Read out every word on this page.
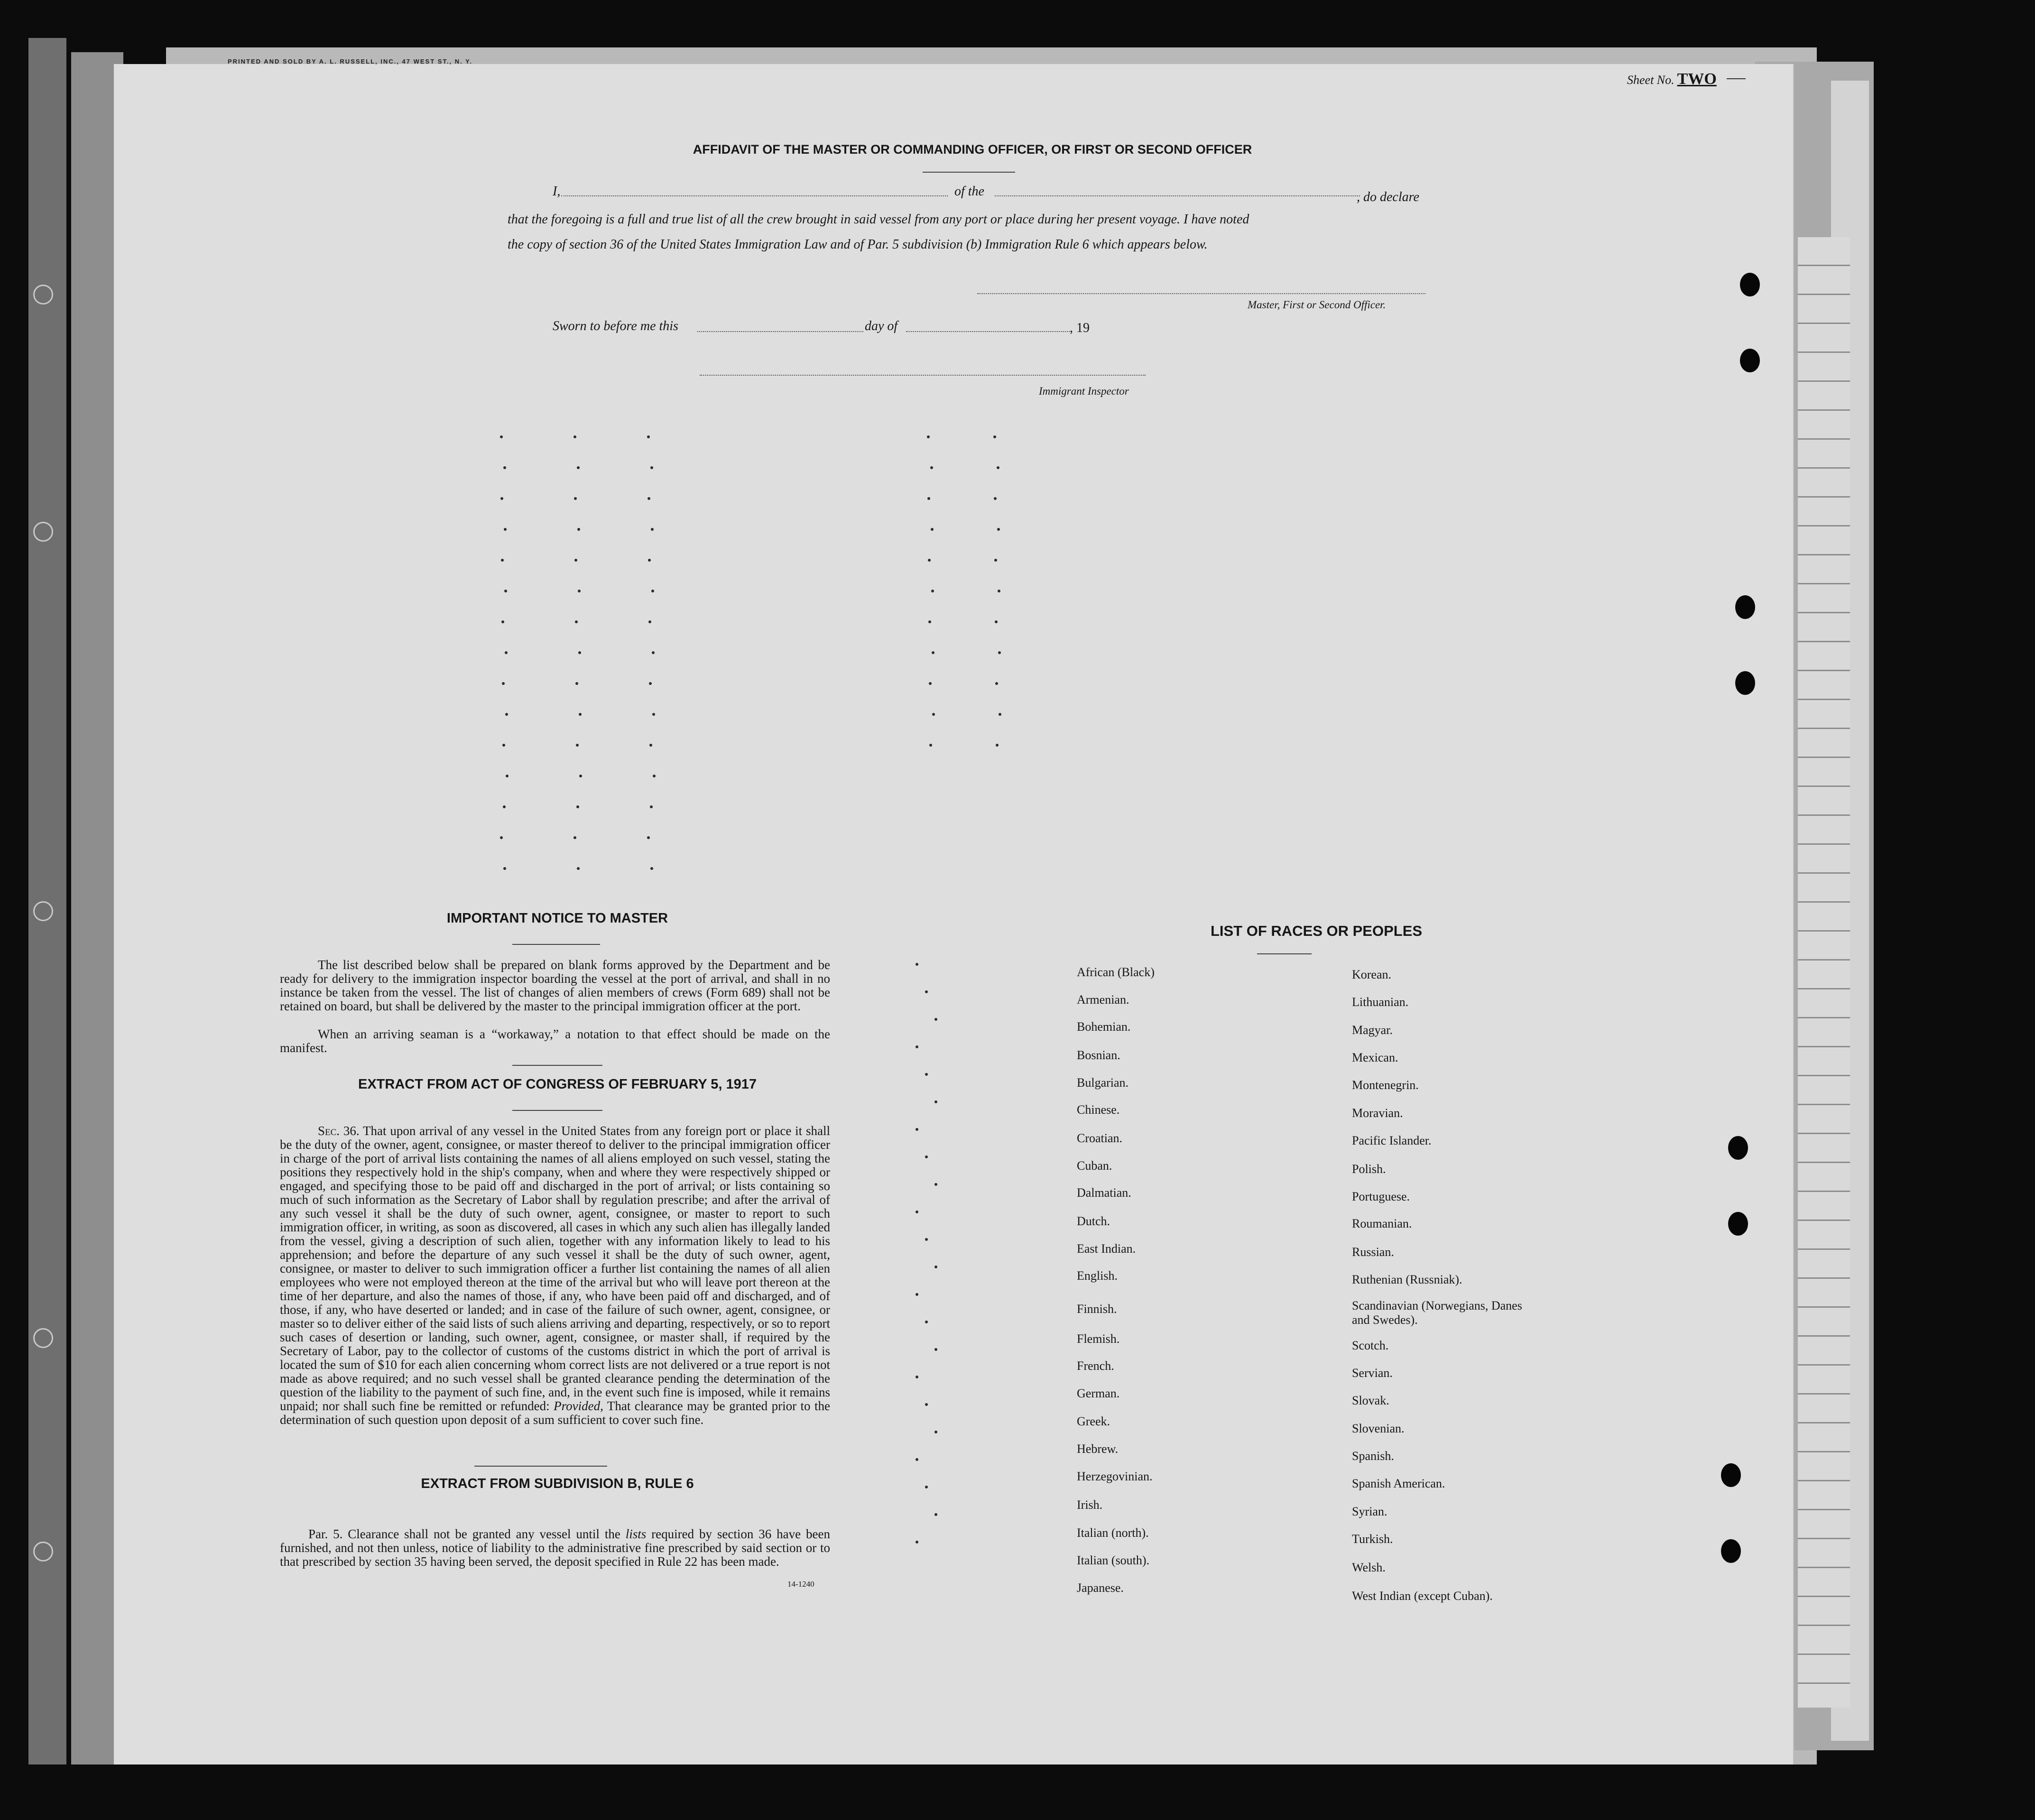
PRINTED AND SOLD BY A. L. RUSSELL, INC., 47 WEST ST., N. Y.
Sheet No. TWO
AFFIDAVIT OF THE MASTER OR COMMANDING OFFICER, OR FIRST OR SECOND OFFICER
I,	of the	, do declare
that the foregoing is a full and true list of all the crew brought in said vessel from any port or place during her present voyage. I have noted
the copy of section 36 of the United States Immigration Law and of Par. 5 subdivision (b) Immigration Rule 6 which appears below.
Master, First or Second Officer.
Sworn to before me this	day of	, 19
Immigrant Inspector
IMPORTANT NOTICE TO MASTER
The list described below shall be prepared on blank forms approved by the Department and be ready for delivery to the immigration inspector boarding the vessel at the port of arrival, and shall in no instance be taken from the vessel. The list of changes of alien members of crews (Form 689) shall not be retained on board, but shall be delivered by the master to the principal immigration officer at the port.
When an arriving seaman is a “workaway,” a notation to that effect should be made on the manifest.
EXTRACT FROM ACT OF CONGRESS OF FEBRUARY 5, 1917
Sec. 36. That upon arrival of any vessel in the United States from any foreign port or place it shall be the duty of the owner, agent, consignee, or master thereof to deliver to the principal immigration officer in charge of the port of arrival lists containing the names of all aliens employed on such vessel, stating the positions they respectively hold in the ship's company, when and where they were respectively shipped or engaged, and specifying those to be paid off and discharged in the port of arrival; or lists containing so much of such information as the Secretary of Labor shall by regulation prescribe; and after the arrival of any such vessel it shall be the duty of such owner, agent, consignee, or master to report to such immigration officer, in writing, as soon as discovered, all cases in which any such alien has illegally landed from the vessel, giving a description of such alien, together with any information likely to lead to his apprehension; and before the departure of any such vessel it shall be the duty of such owner, agent, consignee, or master to deliver to such immigration officer a further list containing the names of all alien employees who were not employed thereon at the time of the arrival but who will leave port thereon at the time of her departure, and also the names of those, if any, who have been paid off and discharged, and of those, if any, who have deserted or landed; and in case of the failure of such owner, agent, consignee, or master so to deliver either of the said lists of such aliens arriving and departing, respectively, or so to report such cases of desertion or landing, such owner, agent, consignee, or master shall, if required by the Secretary of Labor, pay to the collector of customs of the customs district in which the port of arrival is located the sum of $10 for each alien concerning whom correct lists are not delivered or a true report is not made as above required; and no such vessel shall be granted clearance pending the determination of the question of the liability to the payment of such fine, and, in the event such fine is imposed, while it remains unpaid; nor shall such fine be remitted or refunded: Provided, That clearance may be granted prior to the determination of such question upon deposit of a sum sufficient to cover such fine.
EXTRACT FROM SUBDIVISION B, RULE 6
Par. 5. Clearance shall not be granted any vessel until the lists required by section 36 have been furnished, and not then unless, notice of liability to the administrative fine prescribed by said section or to that prescribed by section 35 having been served, the deposit specified in Rule 22 has been made.
14-1240
LIST OF RACES OR PEOPLES
African (Black)
Armenian.
Bohemian.
Bosnian.
Bulgarian.
Chinese.
Croatian.
Cuban.
Dalmatian.
Dutch.
East Indian.
English.
Finnish.
Flemish.
French.
German.
Greek.
Hebrew.
Herzegovinian.
Irish.
Italian (north).
Italian (south).
Japanese.
Korean.
Lithuanian.
Magyar.
Mexican.
Montenegrin.
Moravian.
Pacific Islander.
Polish.
Portuguese.
Roumanian.
Russian.
Ruthenian (Russniak).
Scandinavian (Norwegians, Danes and Swedes).
Scotch.
Servian.
Slovak.
Slovenian.
Spanish.
Spanish American.
Syrian.
Turkish.
Welsh.
West Indian (except Cuban).
